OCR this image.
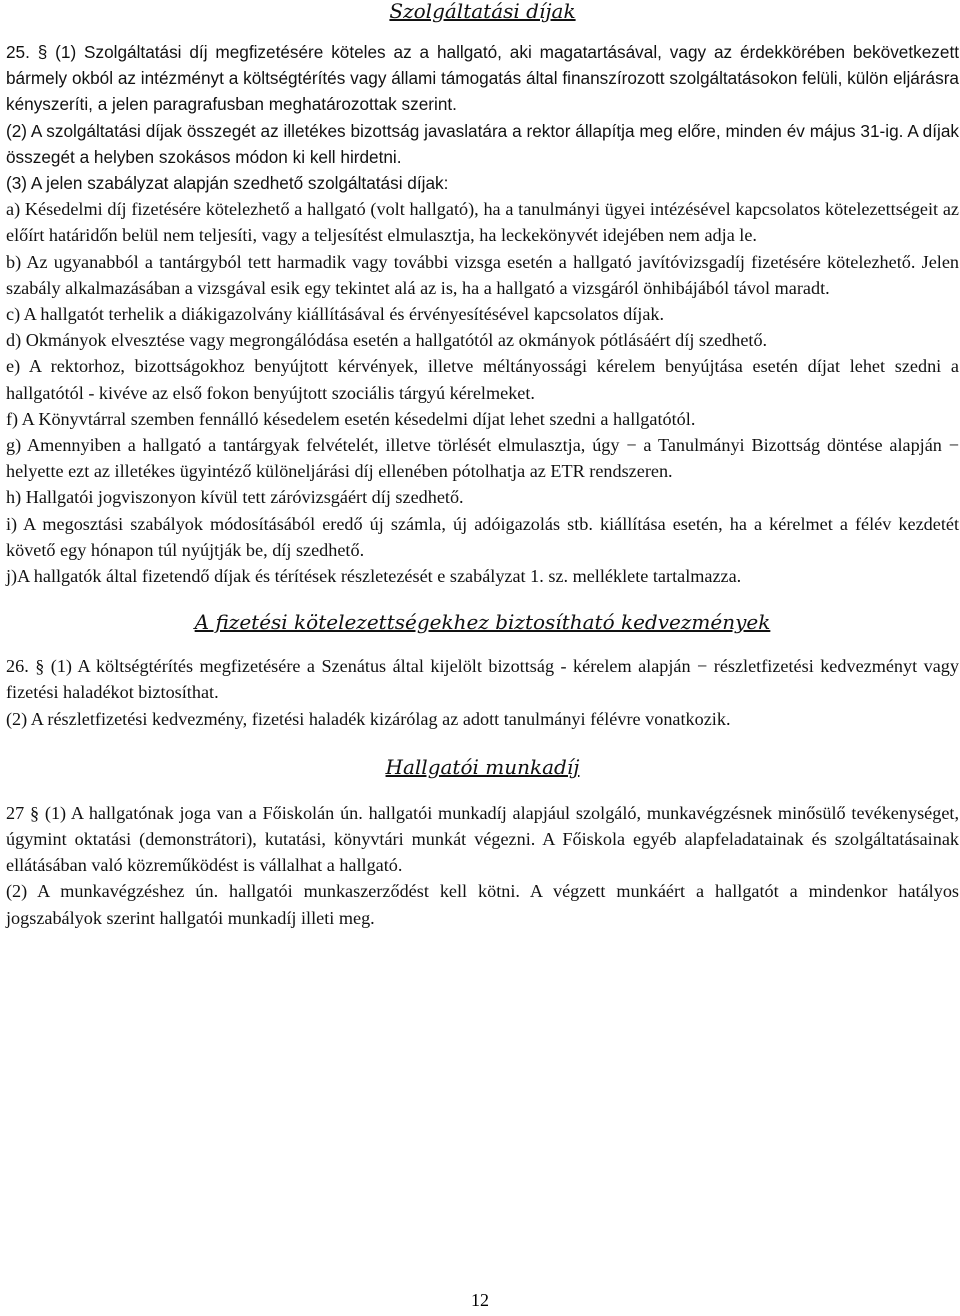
Szolgáltatási díjak

25. § (1) Szolgáltatási díj megfizetésére köteles az a hallgató, aki magatartásával, vagy az érdekkörében bekövetkezett bármely okból az intézményt a költségtérítés vagy állami támogatás által finanszírozott szolgáltatásokon felüli, külön eljárásra kényszeríti, a jelen paragrafusban meghatározottak szerint.

(2) A szolgáltatási díjak összegét az illetékes bizottság javaslatára a rektor állapítja meg előre, minden év május 31-ig. A díjak összegét a helyben szokásos módon ki kell hirdetni.

(3) A jelen szabályzat alapján szedhető szolgáltatási díjak:

a) Késedelmi díj fizetésére kötelezhető a hallgató (volt hallgató), ha a tanulmányi ügyei intézésével kapcsolatos kötelezettségeit az előírt határidőn belül nem teljesíti, vagy a teljesítést elmulasztja, ha leckekönyvét idejében nem adja le.

b) Az ugyanabból a tantárgyból tett harmadik vagy további vizsga esetén a hallgató javítóvizsgadíj fizetésére kötelezhető. Jelen szabály alkalmazásában a vizsgával esik egy tekintet alá az is, ha a hallgató a vizsgáról önhibájából távol maradt.

c) A hallgatót terhelik a diákigazolvány kiállításával és érvényesítésével kapcsolatos díjak.

d) Okmányok elvesztése vagy megrongálódása esetén a hallgatótól az okmányok pótlásáért díj szedhető.

e) A rektorhoz, bizottságokhoz benyújtott kérvények, illetve méltányossági kérelem benyújtása esetén díjat lehet szedni a hallgatótól - kivéve az első fokon benyújtott szociális tárgyú kérelmeket.

f) A Könyvtárral szemben fennálló késedelem esetén késedelmi díjat lehet szedni a hallgatótól.

g) Amennyiben a hallgató a tantárgyak felvételét, illetve törlését elmulasztja, úgy − a Tanulmányi Bizottság döntése alapján − helyette ezt az illetékes ügyintéző különeljárási díj ellenében pótolhatja az ETR rendszeren.

h) Hallgatói jogviszonyon kívül tett záróvizsgáért díj szedhető.

i) A megosztási szabályok módosításából eredő új számla, új adóigazolás stb. kiállítása esetén, ha a kérelmet a félév kezdetét követő egy hónapon túl nyújtják be, díj szedhető.

j)A hallgatók által fizetendő díjak és térítések részletezését e szabályzat 1. sz. melléklete tartalmazza.

A fizetési kötelezettségekhez biztosítható kedvezmények

26. § (1) A költségtérítés megfizetésére a Szenátus által kijelölt bizottság - kérelem alapján − részletfizetési kedvezményt vagy fizetési haladékot biztosíthat.

(2) A részletfizetési kedvezmény, fizetési haladék kizárólag az adott tanulmányi félévre vonatkozik.

Hallgatói munkadíj

27 § (1) A hallgatónak joga van a Főiskolán ún. hallgatói munkadíj alapjául szolgáló, munkavégzésnek minősülő tevékenységet, úgymint oktatási (demonstrátori), kutatási, könyvtári munkát végezni. A Főiskola egyéb alapfeladatainak és szolgáltatásainak ellátásában való közreműködést is vállalhat a hallgató.

(2) A munkavégzéshez ún. hallgatói munkaszerződést kell kötni. A végzett munkáért a hallgatót a mindenkor hatályos jogszabályok szerint hallgatói munkadíj illeti meg.

12
